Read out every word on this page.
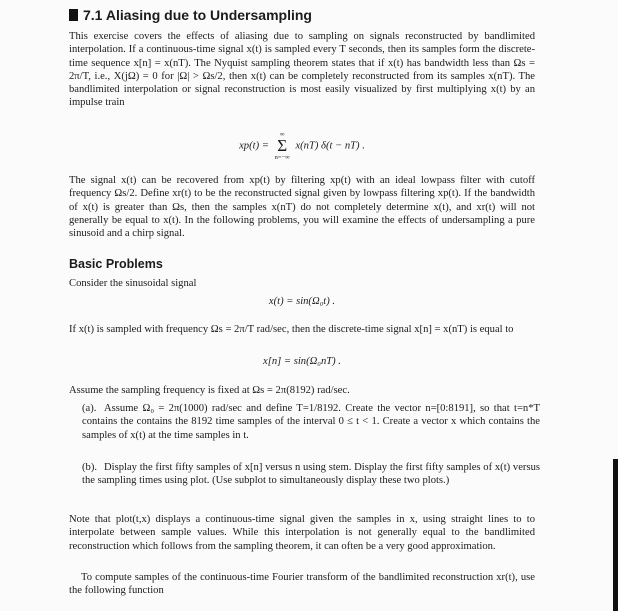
7.1 Aliasing due to Undersampling

This exercise covers the effects of aliasing due to sampling on signals reconstructed by bandlimited interpolation. If a continuous-time signal x(t) is sampled every T seconds, then its samples form the discrete-time sequence x[n] = x(nT). The Nyquist sampling theorem states that if x(t) has bandwidth less than Ωs = 2π/T, i.e., X(jΩ) = 0 for |Ω| > Ωs/2, then x(t) can be completely reconstructed from its samples x(nT). The bandlimited interpolation or signal reconstruction is most easily visualized by first multiplying x(t) by an impulse train

xp(t) =
∞
Σ
n=−∞
x(nT) δ(t − nT) .

The signal x(t) can be recovered from xp(t) by filtering xp(t) with an ideal lowpass filter with cutoff frequency Ωs/2. Define xr(t) to be the reconstructed signal given by lowpass filtering xp(t). If the bandwidth of x(t) is greater than Ωs, then the samples x(nT) do not completely determine x(t), and xr(t) will not generally be equal to x(t). In the following problems, you will examine the effects of undersampling a pure sinusoid and a chirp signal.

Basic Problems

Consider the sinusoidal signal

x(t) = sin(Ω₀t) .

If x(t) is sampled with frequency Ωs = 2π/T rad/sec, then the discrete-time signal x[n] = x(nT) is equal to

x[n] = sin(Ω₀nT) .

Assume the sampling frequency is fixed at Ωs = 2π(8192) rad/sec.

(a). Assume Ω₀ = 2π(1000) rad/sec and define T=1/8192. Create the vector n=[0:8191], so that t=n*T contains the contains the 8192 time samples of the interval 0 ≤ t < 1. Create a vector x which contains the samples of x(t) at the time samples in t.
(b). Display the first fifty samples of x[n] versus n using stem. Display the first fifty samples of x(t) versus the sampling times using plot. (Use subplot to simultaneously display these two plots.)

Note that plot(t,x) displays a continuous-time signal given the samples in x, using straight lines to to interpolate between sample values. While this interpolation is not generally equal to the bandlimited reconstruction which follows from the sampling theorem, it can often be a very good approximation.

To compute samples of the continuous-time Fourier transform of the bandlimited reconstruction xr(t), use the following function
